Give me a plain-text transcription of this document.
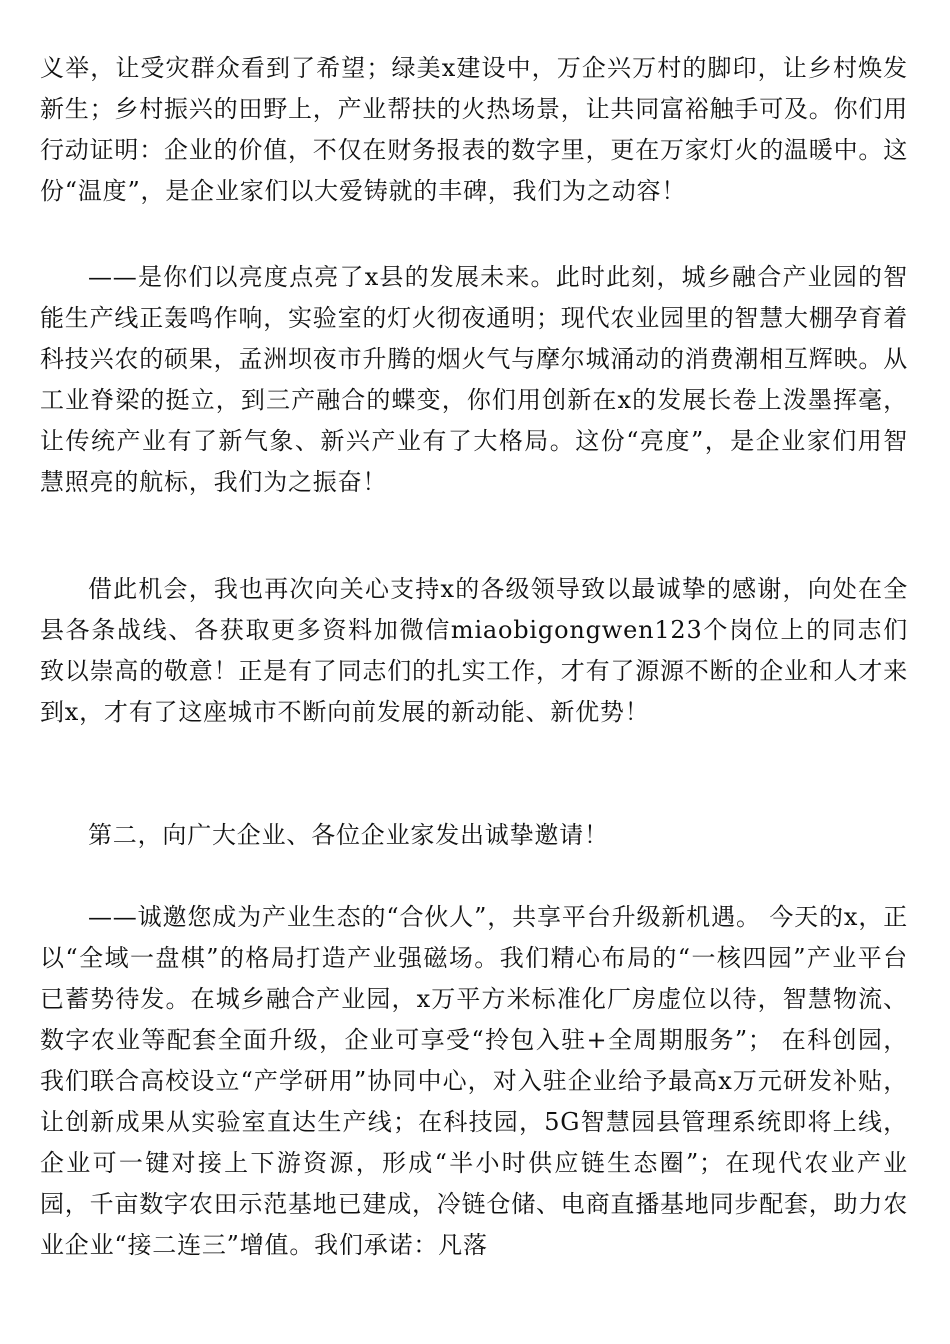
义举，让受灾群众看到了希望；绿美x建设中，万企兴万村的脚印，让乡村焕发新生；乡村振兴的田野上，产业帮扶的火热场景，让共同富裕触手可及。你们用行动证明：企业的价值，不仅在财务报表的数字里，更在万家灯火的温暖中。这份“温度”，是企业家们以大爱铸就的丰碑，我们为之动容！
——是你们以亮度点亮了x县的发展未来。此时此刻，城乡融合产业园的智能生产线正轰鸣作响，实验室的灯火彻夜通明；现代农业园里的智慧大棚孕育着科技兴农的硕果，孟洲坝夜市升腾的烟火气与摩尔城涌动的消费潮相互辉映。从工业脊梁的挺立，到三产融合的蝶变，你们用创新在x的发展长卷上泼墨挥毫，让传统产业有了新气象、新兴产业有了大格局。这份“亮度”，是企业家们用智慧照亮的航标，我们为之振奋！
借此机会，我也再次向关心支持x的各级领导致以最诚挚的感谢，向处在全县各条战线、各获取更多资料加微信miaobigongwen123个岗位上的同志们致以崇高的敬意！正是有了同志们的扎实工作，才有了源源不断的企业和人才来到x，才有了这座城市不断向前发展的新动能、新优势！
第二，向广大企业、各位企业家发出诚挚邀请！
——诚邀您成为产业生态的“合伙人”，共享平台升级新机遇。 今天的x，正以“全域一盘棋”的格局打造产业强磁场。我们精心布局的“一核四园”产业平台已蓄势待发。在城乡融合产业园，x万平方米标准化厂房虚位以待，智慧物流、数字农业等配套全面升级，企业可享受“拎包入驻+全周期服务”； 在科创园，我们联合高校设立“产学研用”协同中心，对入驻企业给予最高x万元研发补贴，让创新成果从实验室直达生产线；在科技园，5G智慧园县管理系统即将上线，企业可一键对接上下游资源，形成“半小时供应链生态圈”；在现代农业产业园，千亩数字农田示范基地已建成，冷链仓储、电商直播基地同步配套，助力农业企业“接二连三”增值。我们承诺：凡落
